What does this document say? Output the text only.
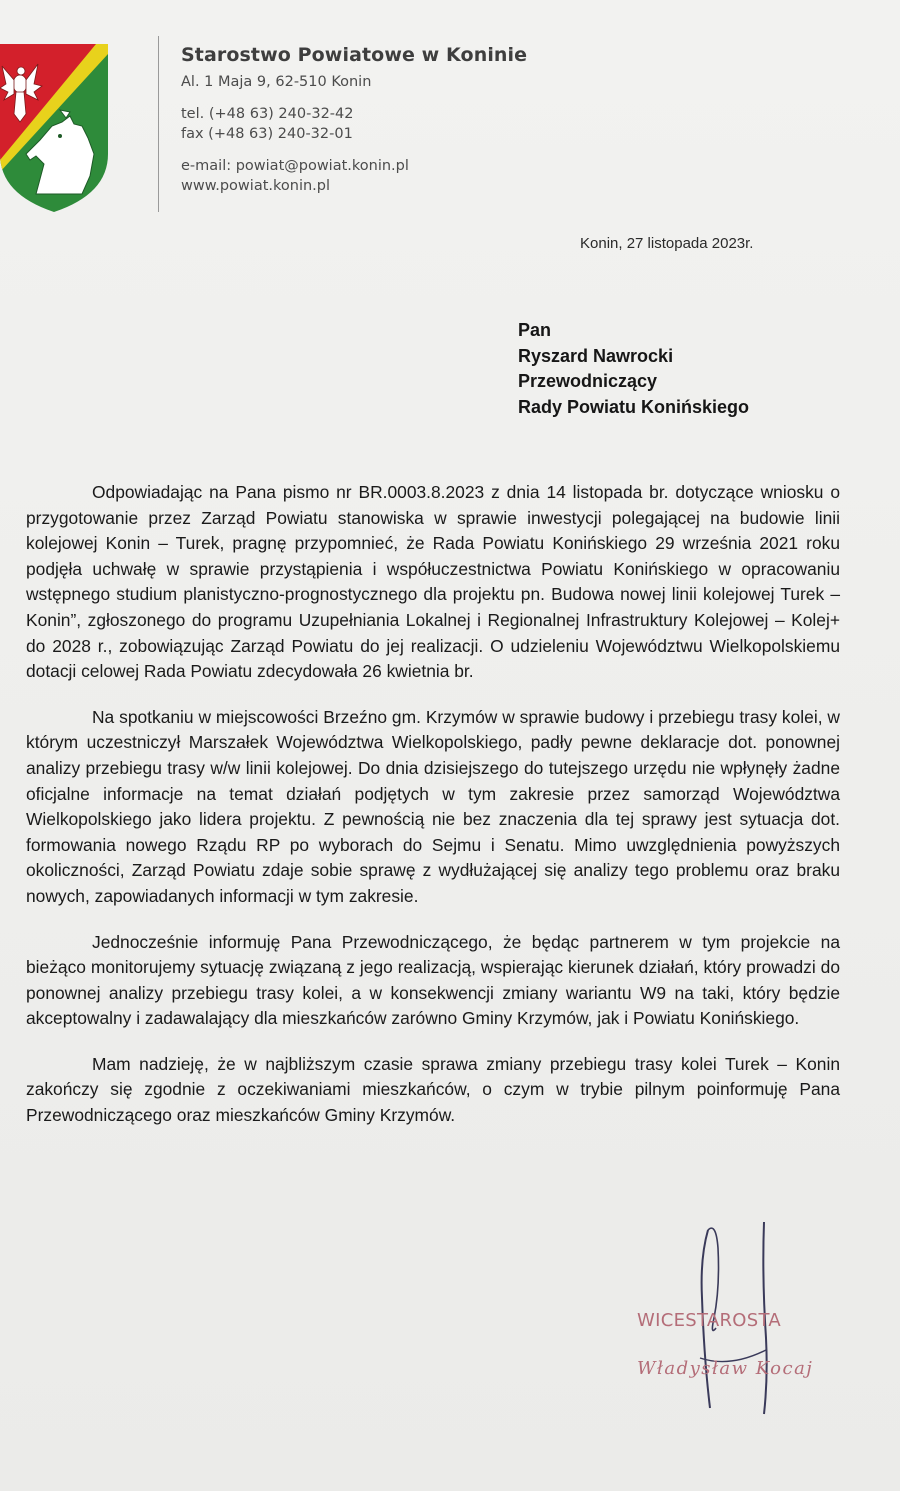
Starostwo Powiatowe w Koninie
Al. 1 Maja 9, 62-510 Konin
tel. (+48 63) 240-32-42
fax (+48 63) 240-32-01
e-mail: powiat@powiat.konin.pl
www.powiat.konin.pl
Konin, 27 listopada 2023r.
Pan
Ryszard Nawrocki
Przewodniczący
Rady Powiatu Konińskiego

Odpowiadając na Pana pismo nr BR.0003.8.2023 z dnia 14 listopada br. dotyczące wniosku o przygotowanie przez Zarząd Powiatu stanowiska w sprawie inwestycji polegającej na budowie linii kolejowej Konin – Turek, pragnę przypomnieć, że Rada Powiatu Konińskiego 29 września 2021 roku podjęła uchwałę w sprawie przystąpienia i współuczestnictwa Powiatu Konińskiego w opracowaniu wstępnego studium planistyczno-prognostycznego dla projektu pn. Budowa nowej linii kolejowej Turek – Konin”, zgłoszonego do programu Uzupełniania Lokalnej i Regionalnej Infrastruktury Kolejowej – Kolej+ do 2028 r., zobowiązując Zarząd Powiatu do jej realizacji. O udzieleniu Województwu Wielkopolskiemu dotacji celowej Rada Powiatu zdecydowała 26 kwietnia br.

Na spotkaniu w miejscowości Brzeźno gm. Krzymów w sprawie budowy i przebiegu trasy kolei, w którym uczestniczył Marszałek Województwa Wielkopolskiego, padły pewne deklaracje dot. ponownej analizy przebiegu trasy w/w linii kolejowej. Do dnia dzisiejszego do tutejszego urzędu nie wpłynęły żadne oficjalne informacje na temat działań podjętych w tym zakresie przez samorząd Województwa Wielkopolskiego jako lidera projektu. Z pewnością nie bez znaczenia dla tej sprawy jest sytuacja dot. formowania nowego Rządu RP po wyborach do Sejmu i Senatu. Mimo uwzględnienia powyższych okoliczności, Zarząd Powiatu zdaje sobie sprawę z wydłużającej się analizy tego problemu oraz braku nowych, zapowiadanych informacji w tym zakresie.

Jednocześnie informuję Pana Przewodniczącego, że będąc partnerem w tym projekcie na bieżąco monitorujemy sytuację związaną z jego realizacją, wspierając kierunek działań, który prowadzi do ponownej analizy przebiegu trasy kolei, a w konsekwencji zmiany wariantu W9 na taki, który będzie akceptowalny i zadawalający dla mieszkańców zarówno Gminy Krzymów, jak i Powiatu Konińskiego.

Mam nadzieję, że w najbliższym czasie sprawa zmiany przebiegu trasy kolei Turek – Konin zakończy się zgodnie z oczekiwaniami mieszkańców, o czym w trybie pilnym poinformuję Pana Przewodniczącego oraz mieszkańców Gminy Krzymów.

WICESTAROSTA
Władysław Kocaj
